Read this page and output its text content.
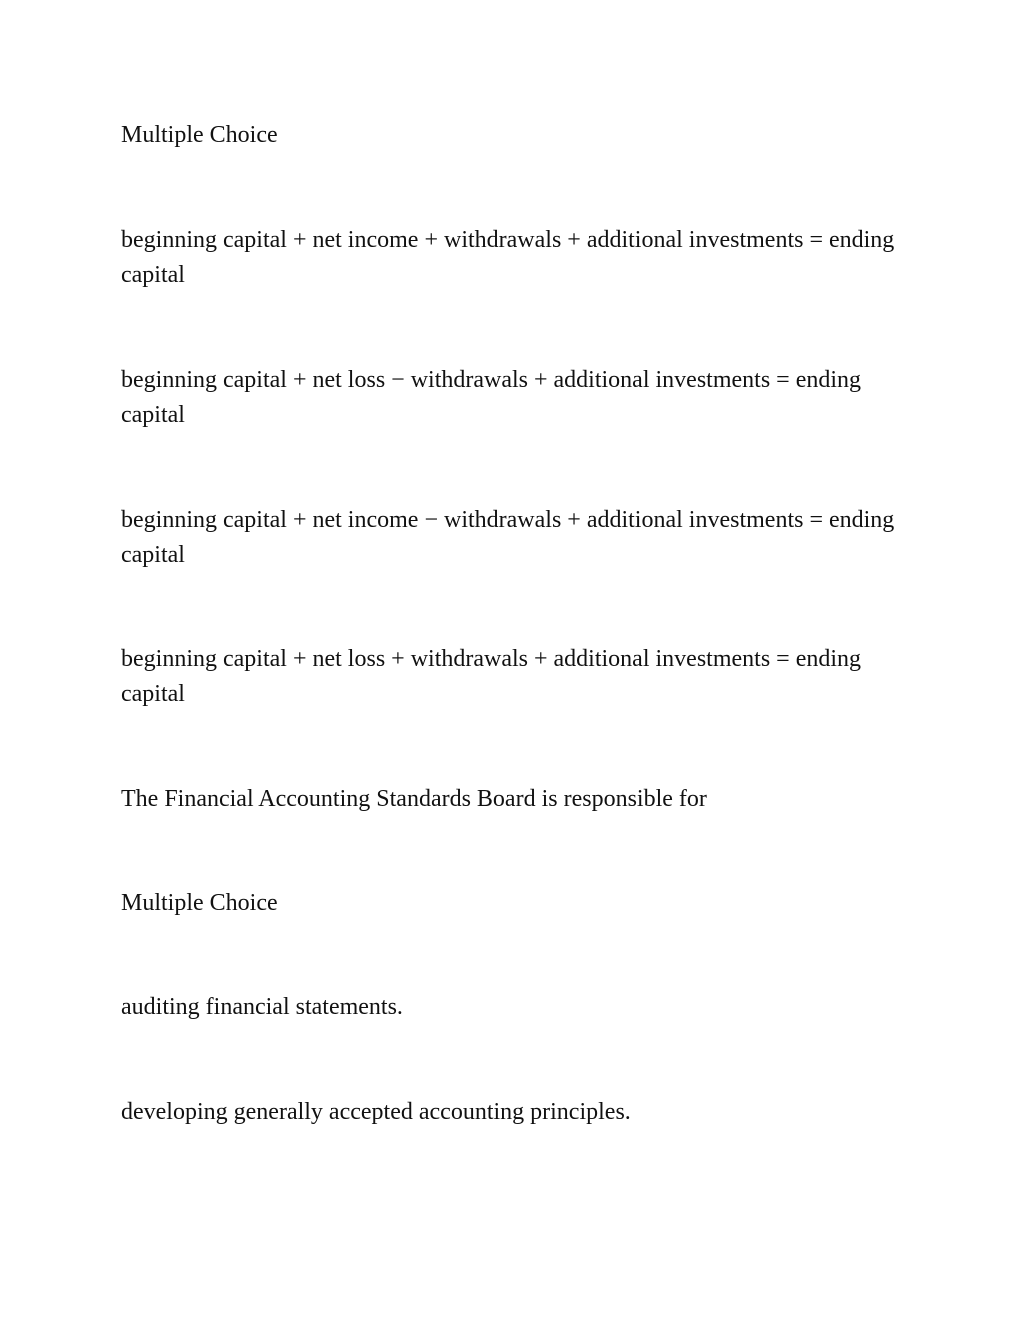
Multiple Choice

beginning capital + net income + withdrawals + additional investments = ending capital

beginning capital + net loss − withdrawals + additional investments = ending capital

beginning capital + net income − withdrawals + additional investments = ending capital

beginning capital + net loss + withdrawals + additional investments = ending capital

The Financial Accounting Standards Board is responsible for

Multiple Choice

auditing financial statements.

developing generally accepted accounting principles.
